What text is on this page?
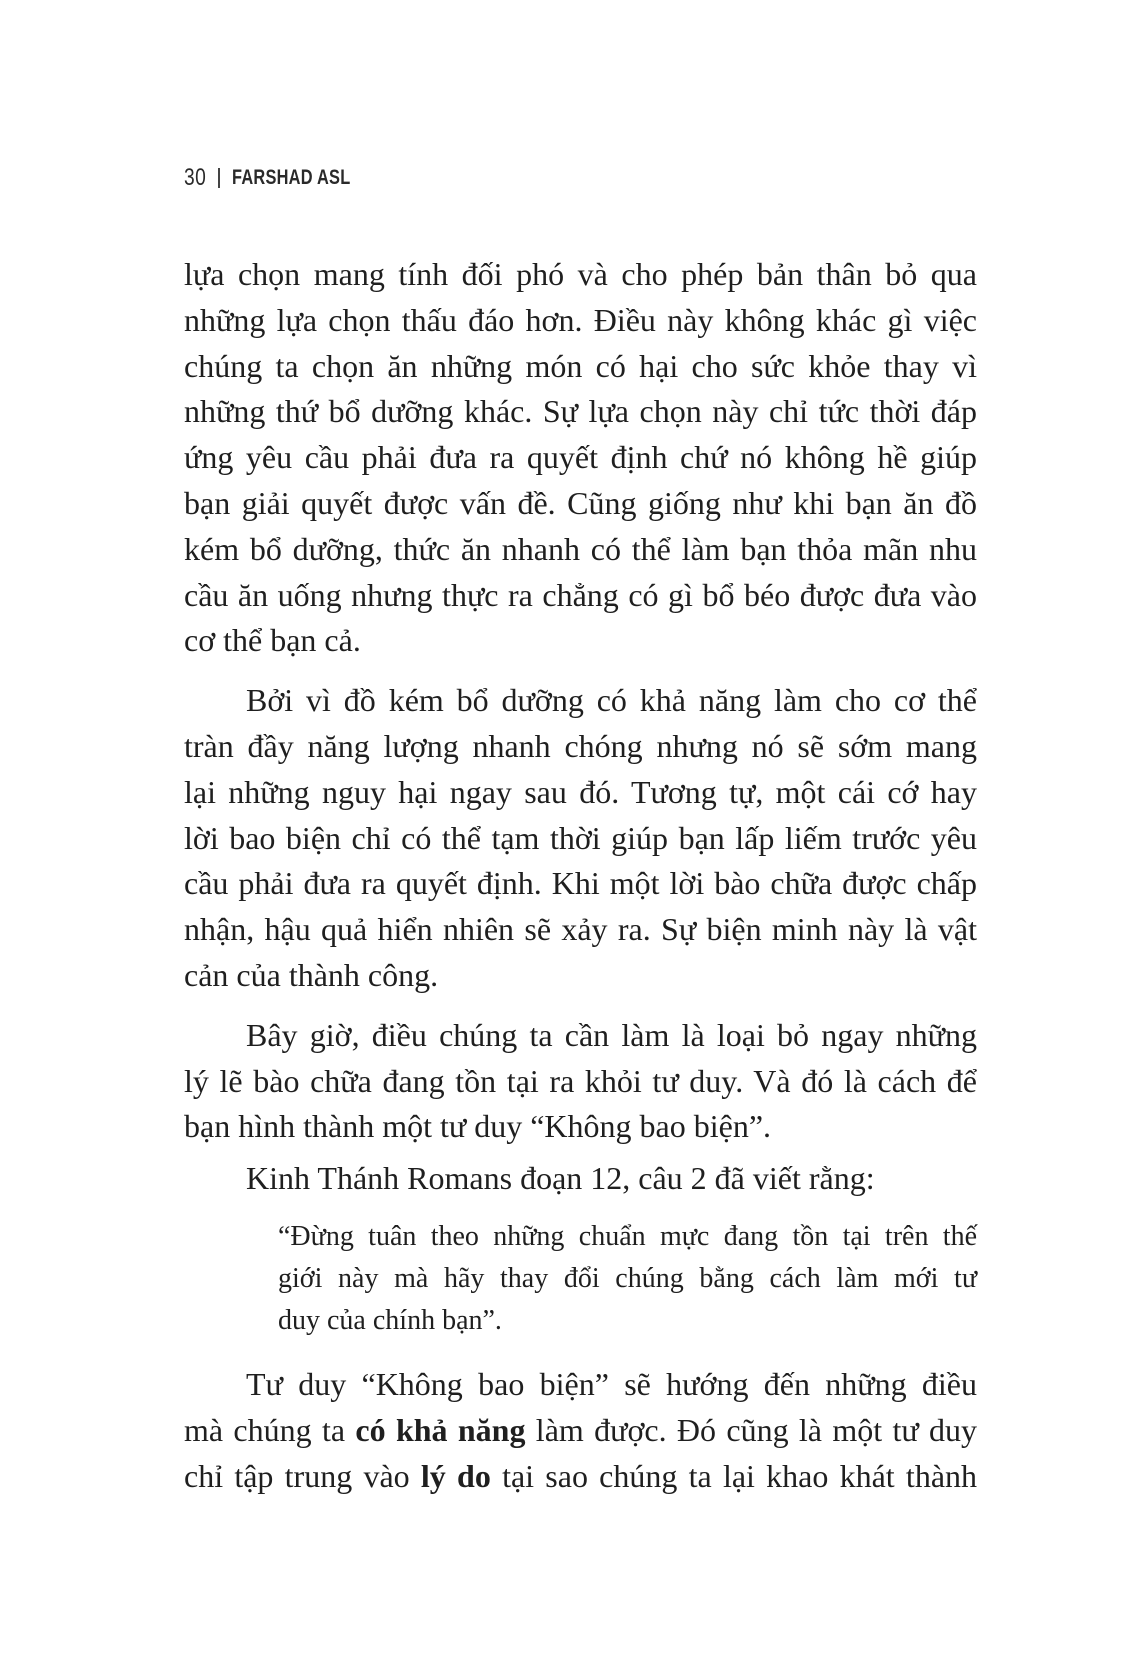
30 FARSHAD ASL
lựa chọn mang tính đối phó và cho phép bản thân bỏ qua
những lựa chọn thấu đáo hơn. Điều này không khác gì việc
chúng ta chọn ăn những món có hại cho sức khỏe thay vì
những thứ bổ dưỡng khác. Sự lựa chọn này chỉ tức thời đáp
ứng yêu cầu phải đưa ra quyết định chứ nó không hề giúp
bạn giải quyết được vấn đề. Cũng giống như khi bạn ăn đồ
kém bổ dưỡng, thức ăn nhanh có thể làm bạn thỏa mãn nhu
cầu ăn uống nhưng thực ra chẳng có gì bổ béo được đưa vào
cơ thể bạn cả.
Bởi vì đồ kém bổ dưỡng có khả năng làm cho cơ thể
tràn đầy năng lượng nhanh chóng nhưng nó sẽ sớm mang
lại những nguy hại ngay sau đó. Tương tự, một cái cớ hay
lời bao biện chỉ có thể tạm thời giúp bạn lấp liếm trước yêu
cầu phải đưa ra quyết định. Khi một lời bào chữa được chấp
nhận, hậu quả hiển nhiên sẽ xảy ra. Sự biện minh này là vật
cản của thành công.
Bây giờ, điều chúng ta cần làm là loại bỏ ngay những
lý lẽ bào chữa đang tồn tại ra khỏi tư duy. Và đó là cách để
bạn hình thành một tư duy “Không bao biện”.
Kinh Thánh Romans đoạn 12, câu 2 đã viết rằng:
“Đừng tuân theo những chuẩn mực đang tồn tại trên thế
giới này mà hãy thay đổi chúng bằng cách làm mới tư
duy của chính bạn”.
Tư duy “Không bao biện” sẽ hướng đến những điều
mà chúng ta có khả năng làm được. Đó cũng là một tư duy
chỉ tập trung vào lý do tại sao chúng ta lại khao khát thành
